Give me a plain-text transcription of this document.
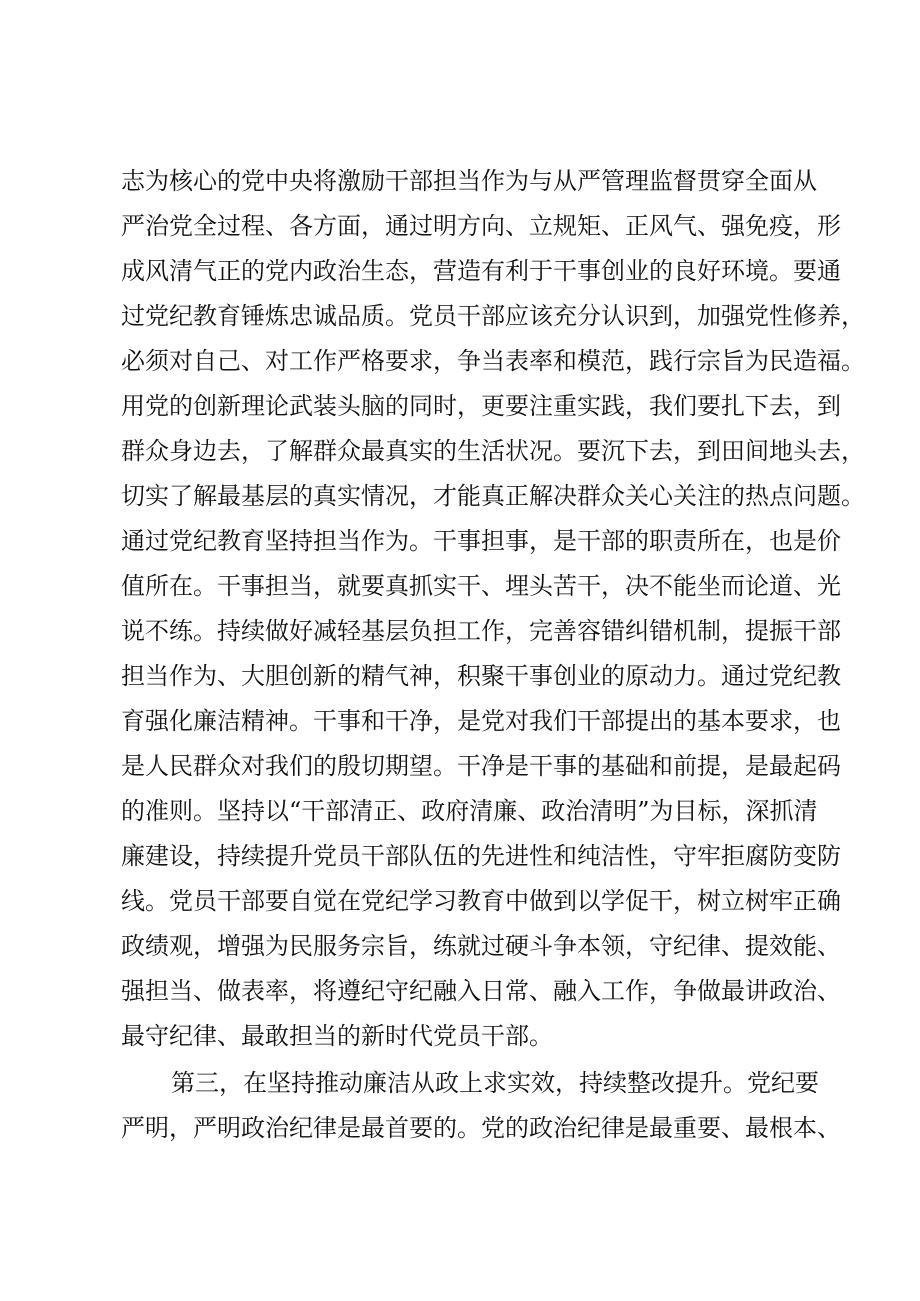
志为核心的党中央将激励干部担当作为与从严管理监督贯穿全面从
严治党全过程、各方面，通过明方向、立规矩、正风气、强免疫，形
成风清气正的党内政治生态，营造有利于干事创业的良好环境。要通
过党纪教育锤炼忠诚品质。党员干部应该充分认识到，加强党性修养，
必须对自己、对工作严格要求，争当表率和模范，践行宗旨为民造福。
用党的创新理论武装头脑的同时，更要注重实践，我们要扎下去，到
群众身边去，了解群众最真实的生活状况。要沉下去，到田间地头去，
切实了解最基层的真实情况，才能真正解决群众关心关注的热点问题。
通过党纪教育坚持担当作为。干事担事，是干部的职责所在，也是价
值所在。干事担当，就要真抓实干、埋头苦干，决不能坐而论道、光
说不练。持续做好减轻基层负担工作，完善容错纠错机制，提振干部
担当作为、大胆创新的精气神，积聚干事创业的原动力。通过党纪教
育强化廉洁精神。干事和干净，是党对我们干部提出的基本要求，也
是人民群众对我们的殷切期望。干净是干事的基础和前提，是最起码
的准则。坚持以“干部清正、政府清廉、政治清明”为目标，深抓清
廉建设，持续提升党员干部队伍的先进性和纯洁性，守牢拒腐防变防
线。党员干部要自觉在党纪学习教育中做到以学促干，树立树牢正确
政绩观，增强为民服务宗旨，练就过硬斗争本领，守纪律、提效能、
强担当、做表率，将遵纪守纪融入日常、融入工作，争做最讲政治、
最守纪律、最敢担当的新时代党员干部。
第三，在坚持推动廉洁从政上求实效，持续整改提升。党纪要
严明，严明政治纪律是最首要的。党的政治纪律是最重要、最根本、
